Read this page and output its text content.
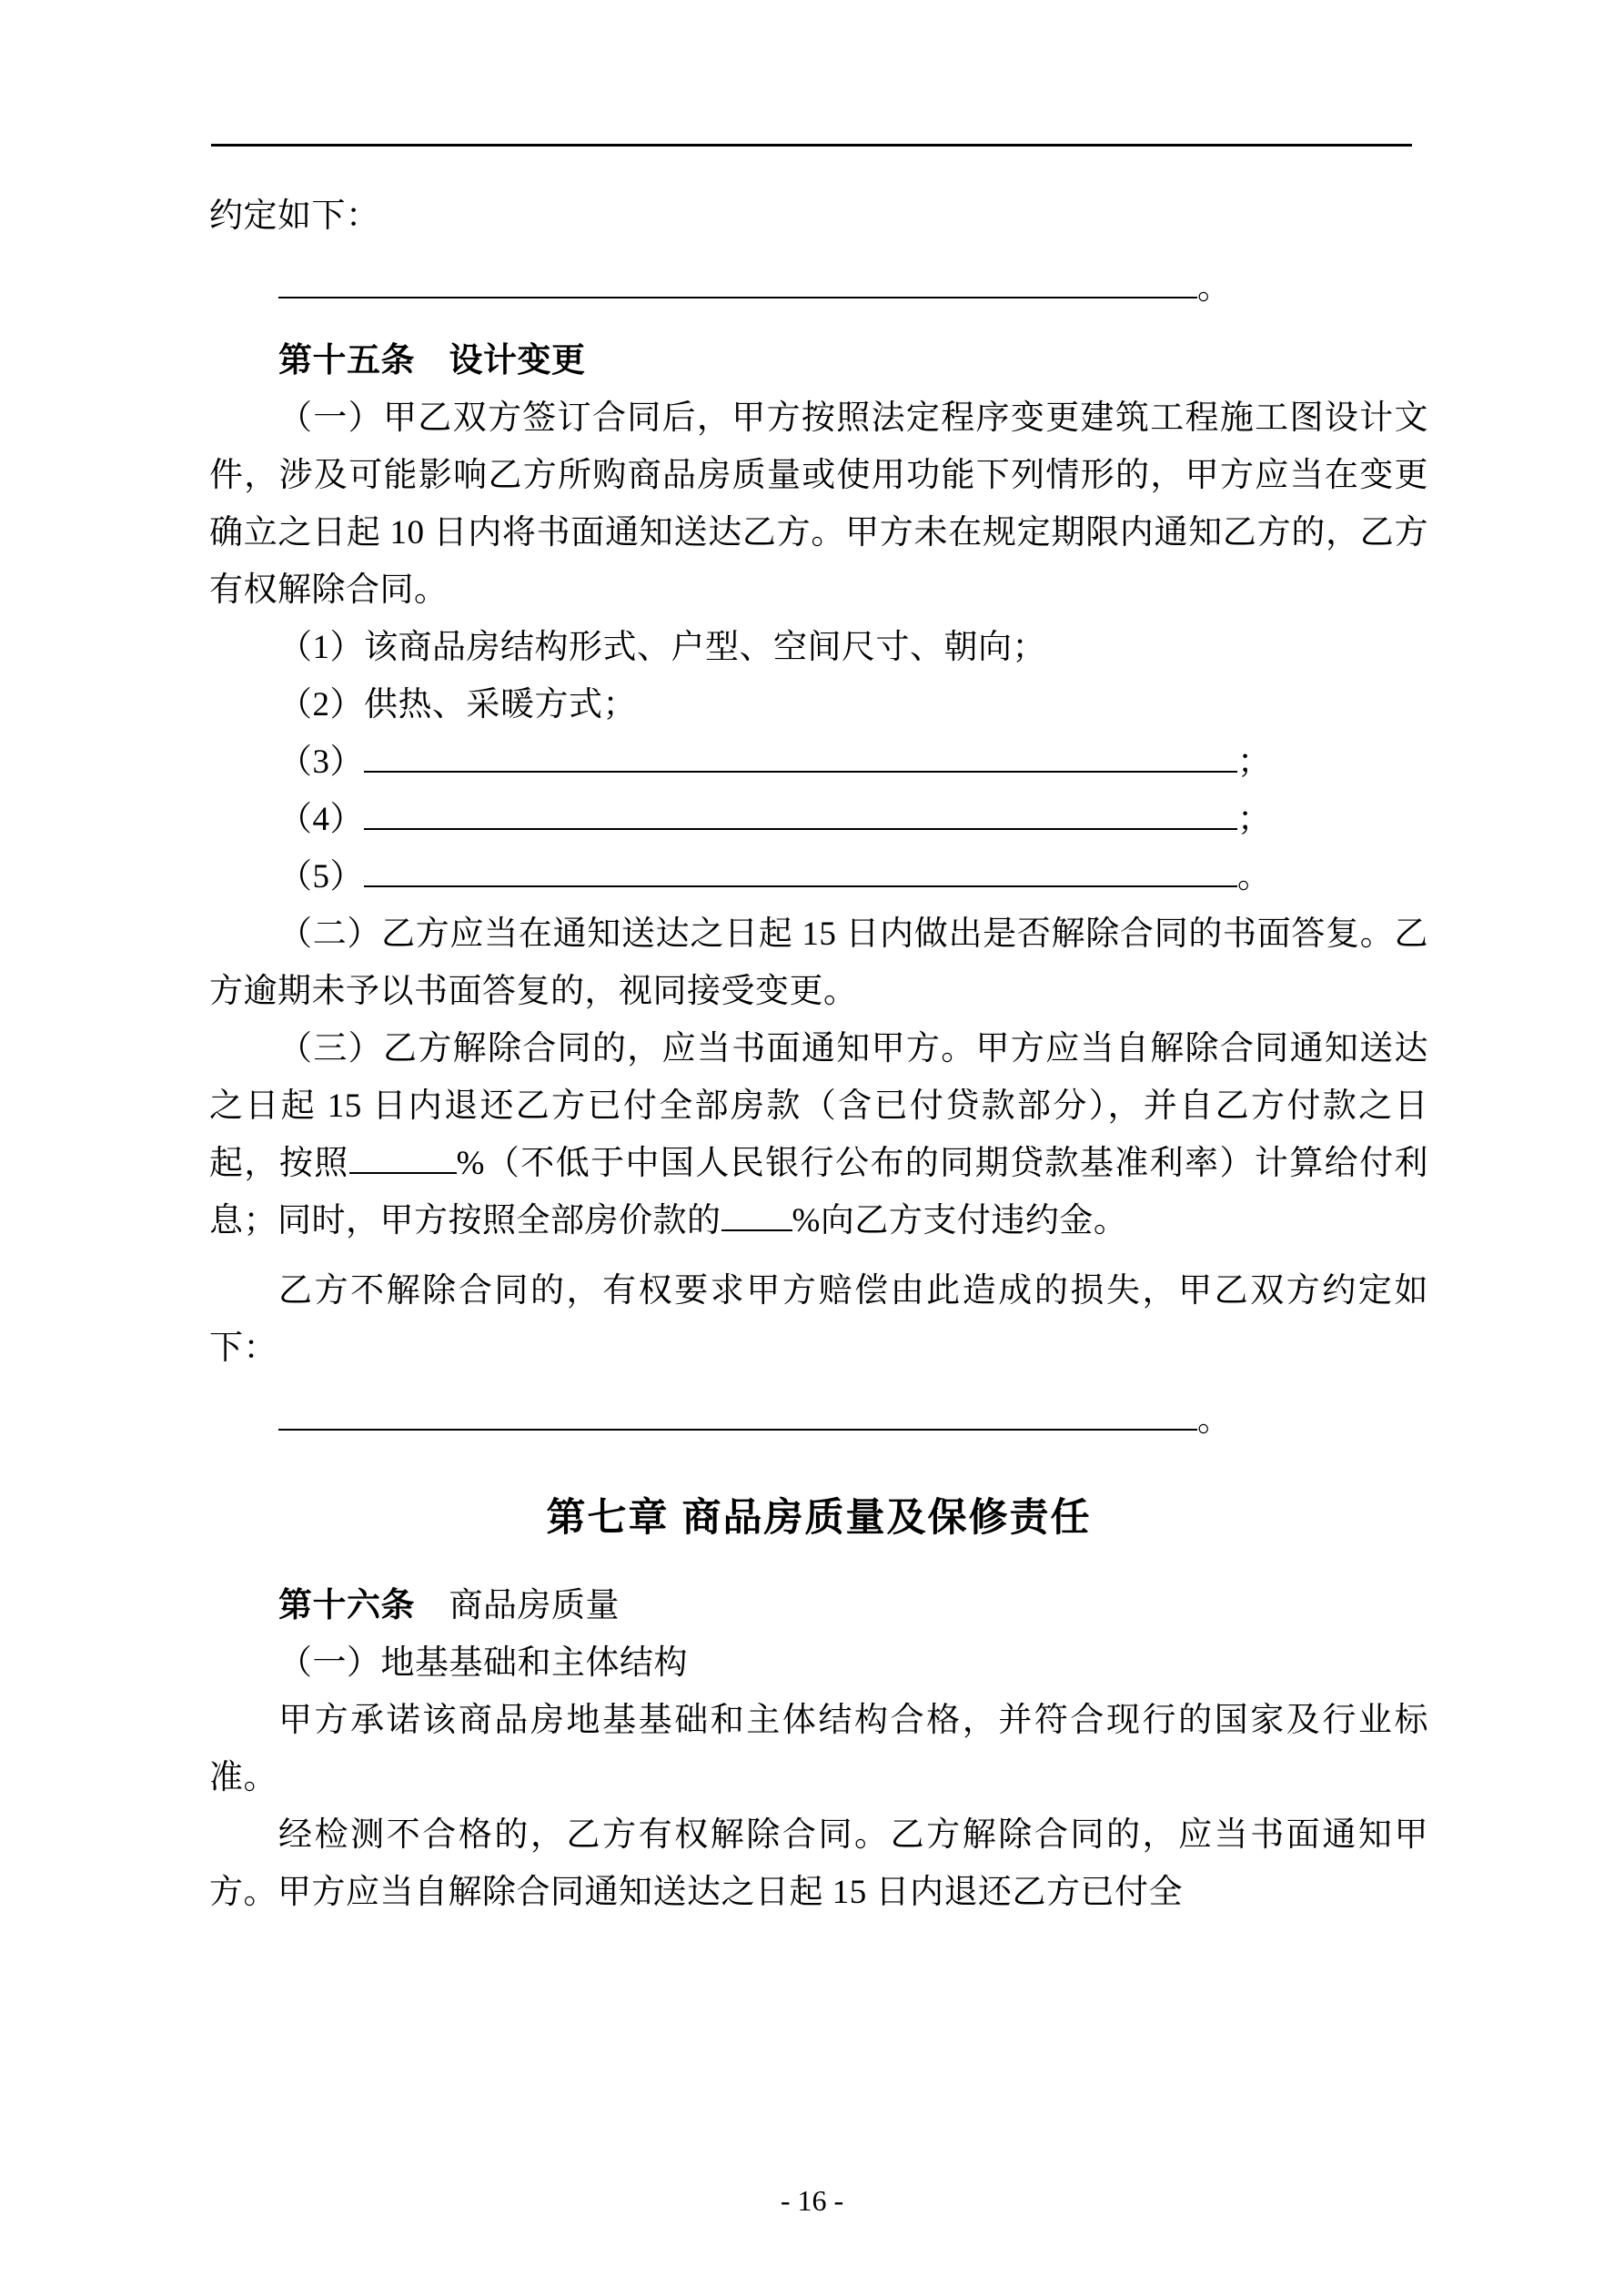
约定如下：

。

第十五条　 设计变更

（一）甲乙双方签订合同后，甲方按照法定程序变更建筑工程施工图设计文件，涉及可能影响乙方所购商品房质量或使用功能下列情形的，甲方应当在变更确立之日起 10 日内将书面通知送达乙方。甲方未在规定期限内通知乙方的，乙方有权解除合同。

（1）该商品房结构形式、户型、空间尺寸、朝向；

（2）供热、采暖方式；

（3）	；

（4）	；

（5）	。

（二）乙方应当在通知送达之日起 15 日内做出是否解除合同的书面答复。乙方逾期未予以书面答复的，视同接受变更。

（三）乙方解除合同的，应当书面通知甲方。甲方应当自解除合同通知送达之日起 15 日内退还乙方已付全部房款（含已付贷款部分），并自乙方付款之日起，按照	%（不低于中国人民银行公布的同期贷款基准利率）计算给付利息；同时，甲方按照全部房价款的 %向乙方支付违约金。

乙方不解除合同的，有权要求甲方赔偿由此造成的损失，甲乙双方约定如下：

。

第七章 商品房质量及保修责任

第十六条　 商品房质量

（一）地基基础和主体结构

甲方承诺该商品房地基基础和主体结构合格，并符合现行的国家及行业标准。

经检测不合格的，乙方有权解除合同。乙方解除合同的，应当书面通知甲方。甲方应当自解除合同通知送达之日起 15 日内退还乙方已付全

- 16 -
